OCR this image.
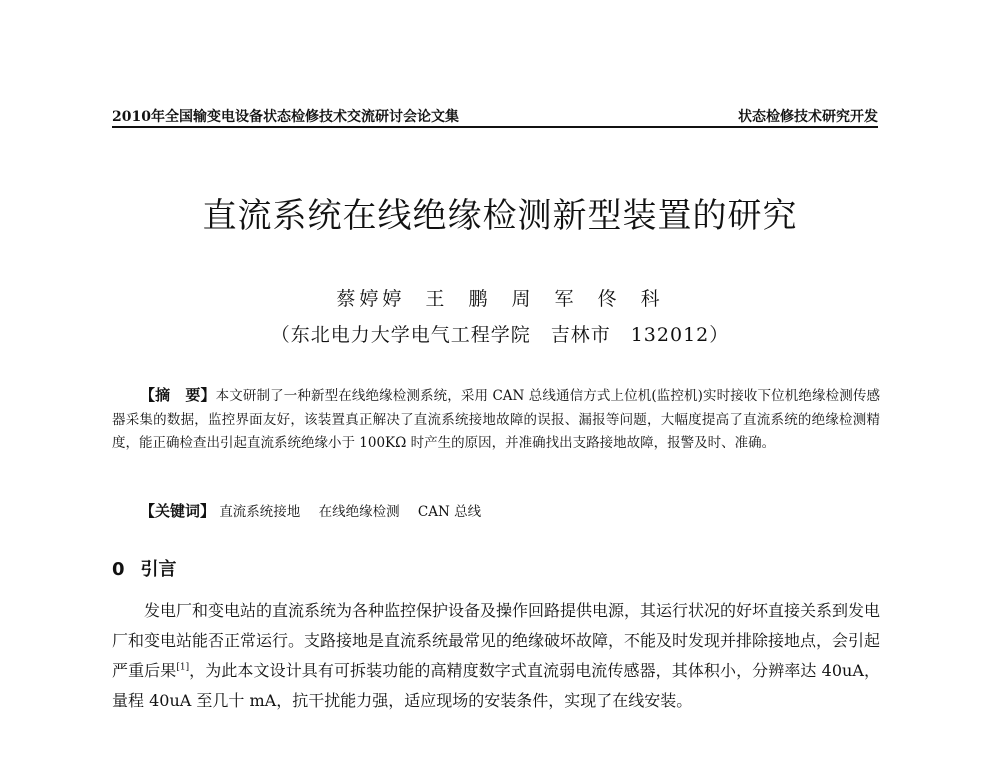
2010年全国输变电设备状态检修技术交流研讨会论文集	状态检修技术研究开发
直流系统在线绝缘检测新型装置的研究
蔡婷婷 王 鹏 周 军 佟 科
（东北电力大学电气工程学院　吉林市　132012）

【摘　要】本文研制了一种新型在线绝缘检测系统，采用 CAN 总线通信方式上位机(监控机)实时接收下位机绝缘检测传感器采集的数据，监控界面友好，该装置真正解决了直流系统接地故障的误报、漏报等问题，大幅度提高了直流系统的绝缘检测精度，能正确检查出引起直流系统绝缘小于 100KΩ 时产生的原因，并准确找出支路接地故障，报警及时、准确。

【关键词】 直流系统接地 在线绝缘检测 CAN 总线
0 引言

发电厂和变电站的直流系统为各种监控保护设备及操作回路提供电源，其运行状况的好坏直接关系到发电厂和变电站能否正常运行。支路接地是直流系统最常见的绝缘破坏故障，不能及时发现并排除接地点，会引起严重后果[1]，为此本文设计具有可拆装功能的高精度数字式直流弱电流传感器，其体积小，分辨率达 40uA，量程 40uA 至几十 mA，抗干扰能力强，适应现场的安装条件，实现了在线安装。
